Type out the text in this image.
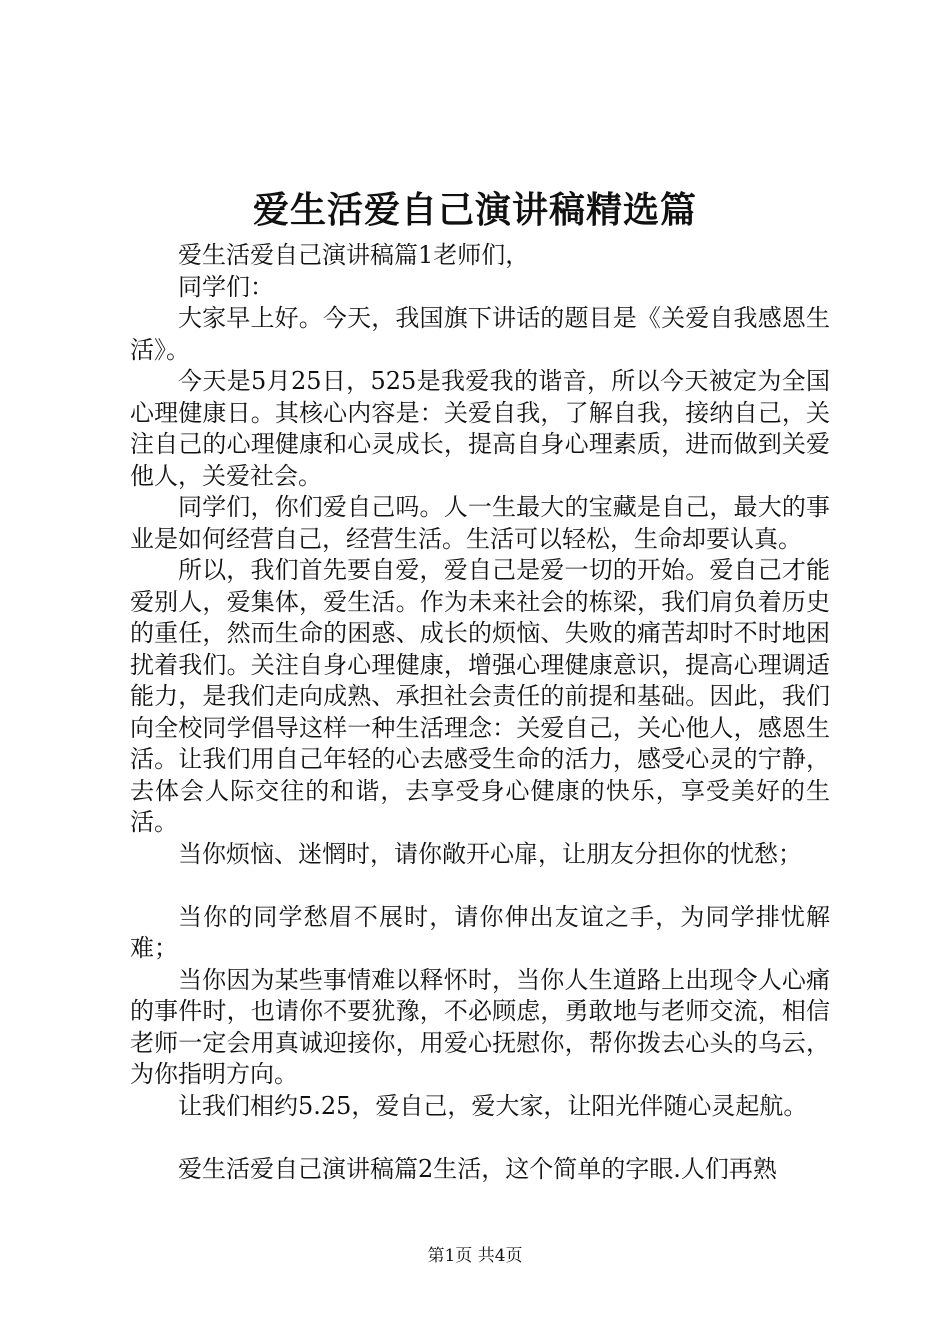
爱生活爱自己演讲稿精选篇

爱生活爱自己演讲稿篇1老师们，

同学们：

大家早上好。今天，我国旗下讲话的题目是《关爱自我感恩生活》。

今天是5月25日，525是我爱我的谐音，所以今天被定为全国心理健康日。其核心内容是：关爱自我，了解自我，接纳自己，关注自己的心理健康和心灵成长，提高自身心理素质，进而做到关爱他人，关爱社会。

同学们，你们爱自己吗。人一生最大的宝藏是自己，最大的事业是如何经营自己，经营生活。生活可以轻松，生命却要认真。

所以，我们首先要自爱，爱自己是爱一切的开始。爱自己才能爱别人，爱集体，爱生活。作为未来社会的栋梁，我们肩负着历史的重任，然而生命的困惑、成长的烦恼、失败的痛苦却时不时地困扰着我们。关注自身心理健康，增强心理健康意识，提高心理调适能力，是我们走向成熟、承担社会责任的前提和基础。因此，我们向全校同学倡导这样一种生活理念：关爱自己，关心他人，感恩生活。让我们用自己年轻的心去感受生命的活力，感受心灵的宁静，去体会人际交往的和谐，去享受身心健康的快乐，享受美好的生活。

当你烦恼、迷惘时，请你敞开心扉，让朋友分担你的忧愁；

当你的同学愁眉不展时，请你伸出友谊之手，为同学排忧解难；

当你因为某些事情难以释怀时，当你人生道路上出现令人心痛的事件时，也请你不要犹豫，不必顾虑，勇敢地与老师交流，相信老师一定会用真诚迎接你，用爱心抚慰你，帮你拨去心头的乌云，为你指明方向。

让我们相约5.25，爱自己，爱大家，让阳光伴随心灵起航。

爱生活爱自己演讲稿篇2生活，这个简单的字眼.人们再熟

第1页 共4页
